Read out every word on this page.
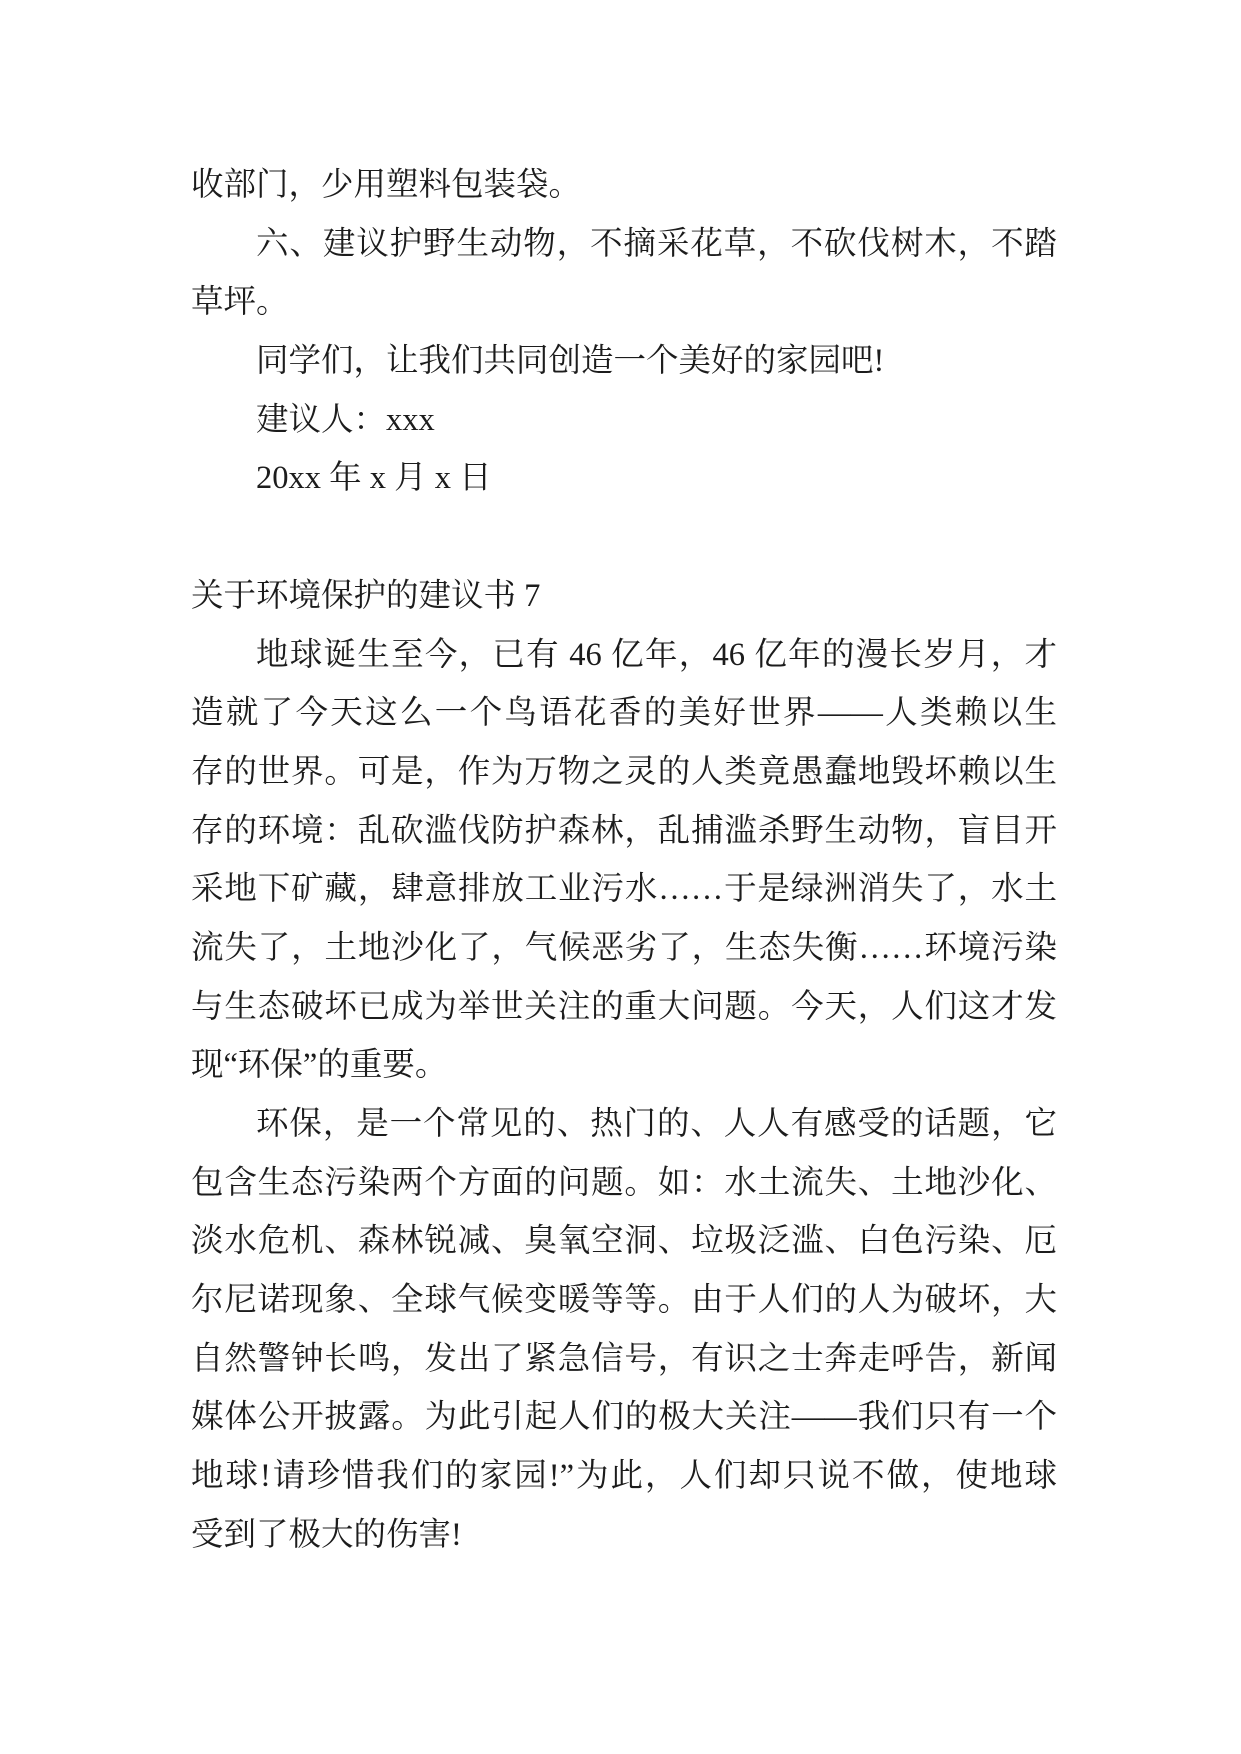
收部门，少用塑料包装袋。

六、建议护野生动物，不摘采花草，不砍伐树木，不踏

草坪。

同学们，让我们共同创造一个美好的家园吧!

建议人：xxx

20xx 年 x 月 x 日

关于环境保护的建议书 7

地球诞生至今，已有 46 亿年，46 亿年的漫长岁月，才

造就了今天这么一个鸟语花香的美好世界——人类赖以生

存的世界。可是，作为万物之灵的人类竟愚蠢地毁坏赖以生

存的环境：乱砍滥伐防护森林，乱捕滥杀野生动物，盲目开

采地下矿藏，肆意排放工业污水……于是绿洲消失了，水土

流失了，土地沙化了，气候恶劣了，生态失衡……环境污染

与生态破坏已成为举世关注的重大问题。今天，人们这才发

现“环保”的重要。

环保，是一个常见的、热门的、人人有感受的话题，它

包含生态污染两个方面的问题。如：水土流失、土地沙化、

淡水危机、森林锐减、臭氧空洞、垃圾泛滥、白色污染、厄

尔尼诺现象、全球气候变暖等等。由于人们的人为破坏，大

自然警钟长鸣，发出了紧急信号，有识之士奔走呼告，新闻

媒体公开披露。为此引起人们的极大关注——我们只有一个

地球!请珍惜我们的家园!”为此，人们却只说不做，使地球

受到了极大的伤害!
